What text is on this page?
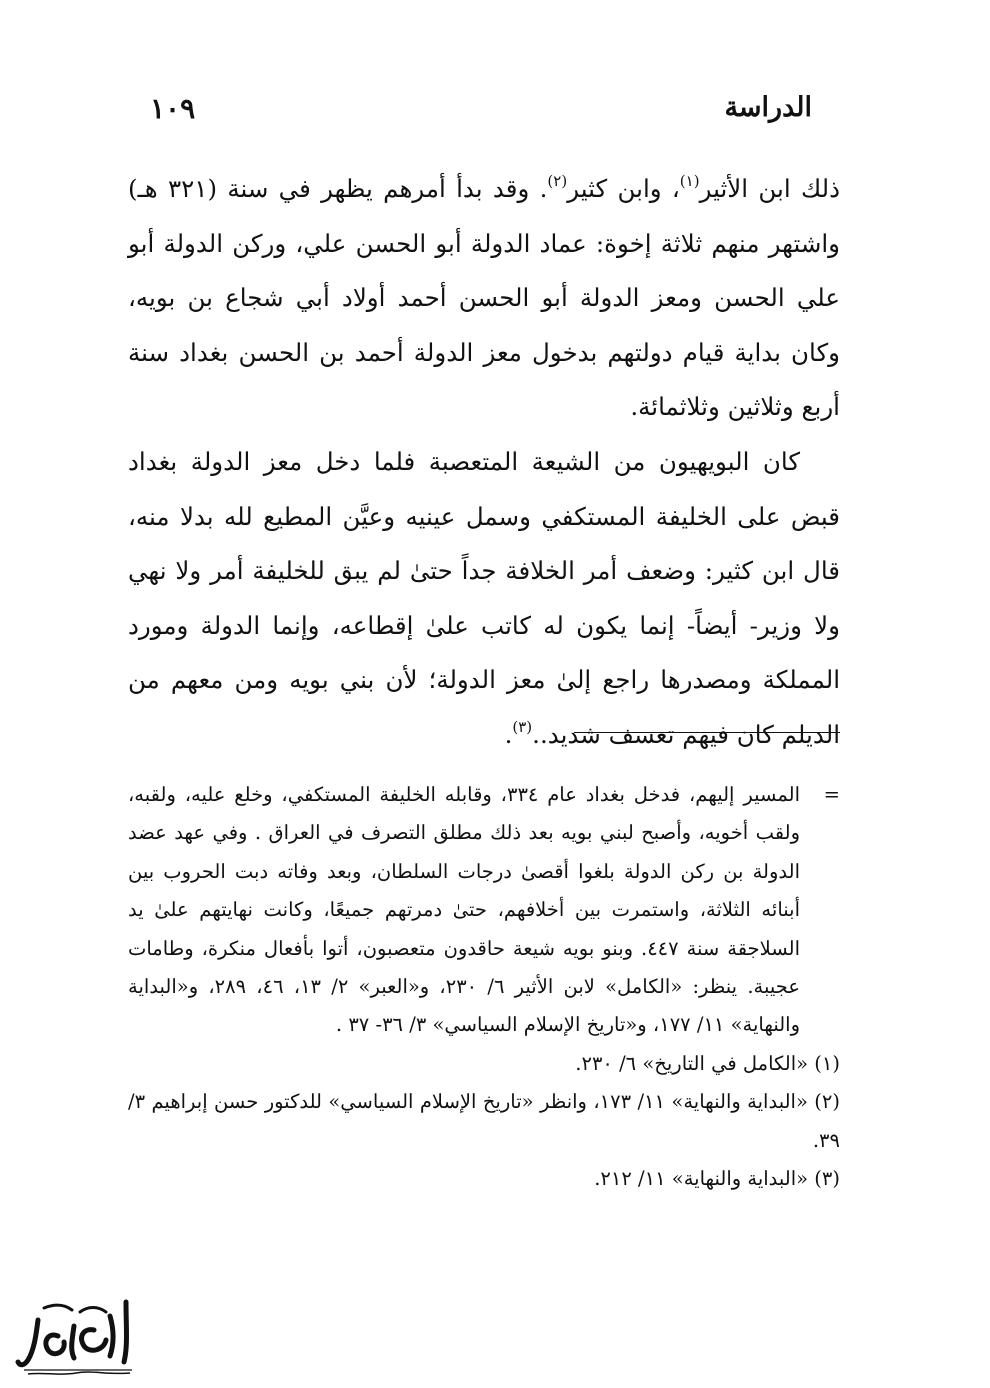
الدراسة
١٠٩

ذلك ابن الأثير$^{(١)}$، وابن كثير$^{(٢)}$. وقد بدأ أمرهم يظهر في سنة (٣٢١ هـ) واشتهر منهم ثلاثة إخوة: عماد الدولة أبو الحسن علي، وركن الدولة أبو علي الحسن ومعز الدولة أبو الحسن أحمد أولاد أبي شجاع بن بويه، وكان بداية قيام دولتهم بدخول معز الدولة أحمد بن الحسن بغداد سنة أربع وثلاثين وثلاثمائة.

كان البويهيون من الشيعة المتعصبة فلما دخل معز الدولة بغداد قبض على الخليفة المستكفي وسمل عينيه وعيَّن المطيع لله بدلا منه، قال ابن كثير: وضعف أمر الخلافة جداً حتىٰ لم يبق للخليفة أمر ولا نهي ولا وزير- أيضاً- إنما يكون له كاتب علىٰ إقطاعه، وإنما الدولة ومورد المملكة ومصدرها راجع إلىٰ معز الدولة؛ لأن بني بويه ومن معهم من الديلم كان فيهم تعسف شديد..$^{(٣)}$.

=
المسير إليهم، فدخل بغداد عام ٣٣٤، وقابله الخليفة المستكفي، وخلع عليه، ولقبه، ولقب أخويه، وأصبح لبني بويه بعد ذلك مطلق التصرف في العراق . وفي عهد عضد الدولة بن ركن الدولة بلغوا أقصىٰ درجات السلطان، وبعد وفاته دبت الحروب بين أبنائه الثلاثة، واستمرت بين أخلافهم، حتىٰ دمرتهم جميعًا، وكانت نهايتهم علىٰ يد السلاجقة سنة ٤٤٧. وبنو بويه شيعة حاقدون متعصبون، أتوا بأفعال منكرة، وطامات عجيبة. ينظر: «الكامل» لابن الأثير ٦/ ٢٣٠، و«العبر» ٢/ ١٣، ٤٦، ٢٨٩، و«البداية والنهاية» ١١/ ١٧٧، و«تاريخ الإسلام السياسي» ٣/ ٣٦- ٣٧ .

(١) «الكامل في التاريخ» ٦/ ٢٣٠.

(٢) «البداية والنهاية» ١١/ ١٧٣، وانظر «تاريخ الإسلام السياسي» للدكتور حسن إبراهيم ٣/ ٣٩.

(٣) «البداية والنهاية» ١١/ ٢١٢.
